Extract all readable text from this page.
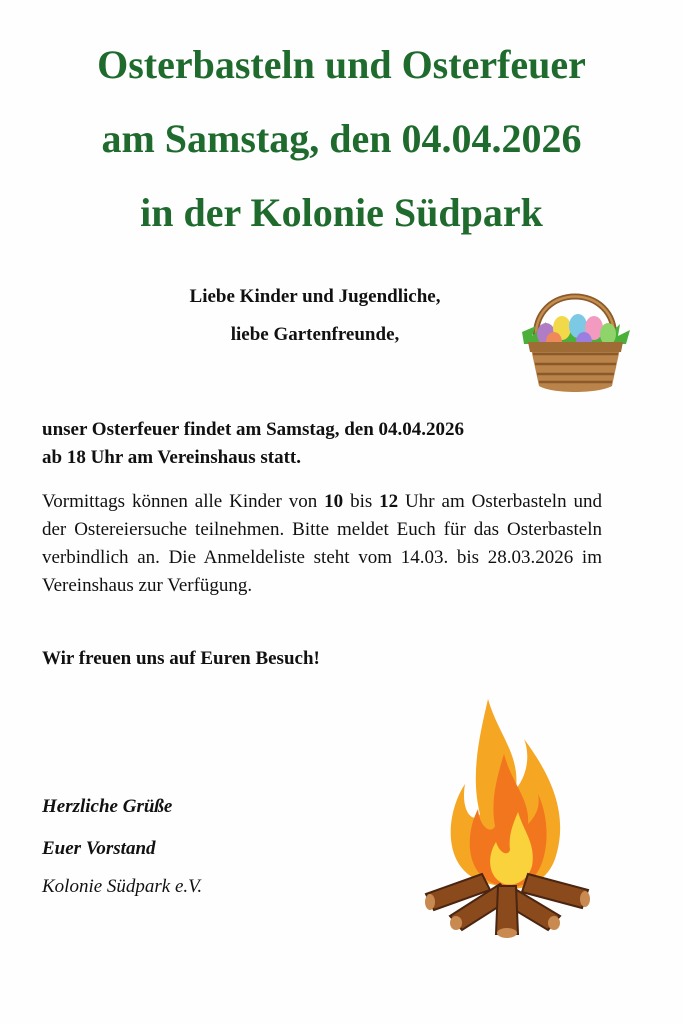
Osterbasteln und Osterfeuer
am Samstag, den 04.04.2026
in der Kolonie Südpark

Liebe Kinder und Jugendliche,

liebe Gartenfreunde,

unser Osterfeuer findet am Samstag, den 04.04.2026
ab 18 Uhr am Vereinshaus statt.

Vormittags können alle Kinder von 10 bis 12 Uhr am Osterbasteln und der Ostereiersuche teilnehmen. Bitte meldet Euch für das Osterbasteln verbindlich an. Die Anmeldeliste steht vom 14.03. bis 28.03.2026 im Vereinshaus zur Verfügung.

Wir freuen uns auf Euren Besuch!

Herzliche Grüße

Euer Vorstand

Kolonie Südpark e.V.
